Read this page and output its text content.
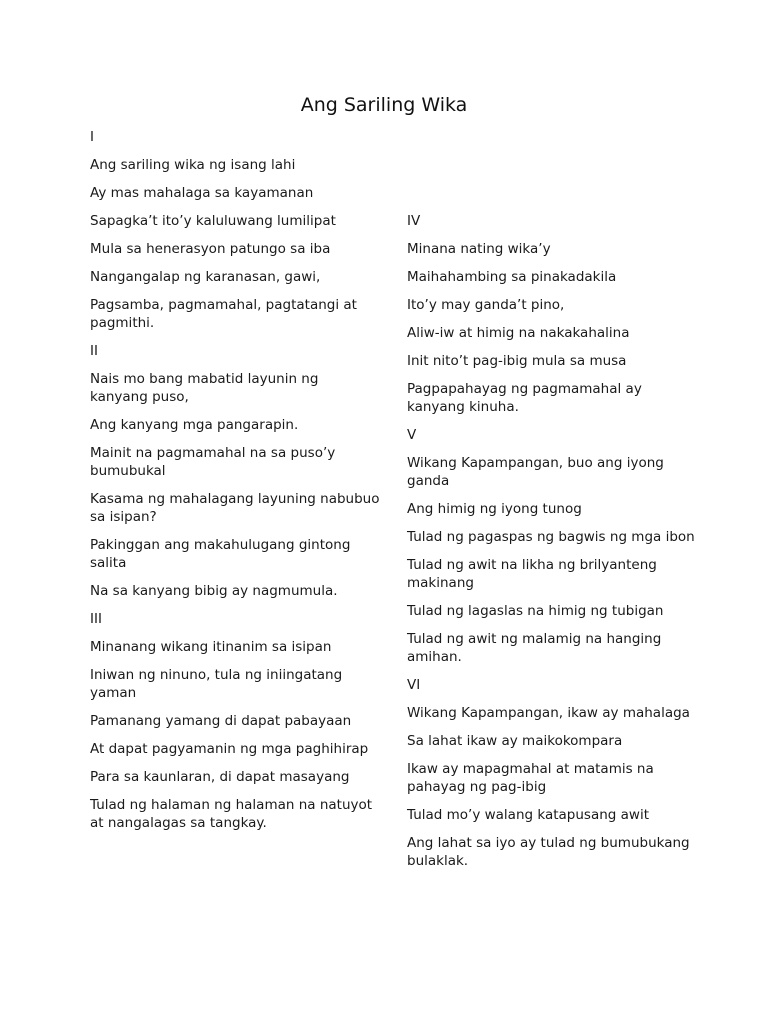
Ang Sariling Wika
I
Ang sariling wika ng isang lahi
Ay mas mahalaga sa kayamanan
Sapagka’t ito’y kaluluwang lumilipat
Mula sa henerasyon patungo sa iba
Nangangalap ng karanasan, gawi,
Pagsamba, pagmamahal, pagtatangi at pagmithi.
II
Nais mo bang mabatid layunin ng kanyang puso,
Ang kanyang mga pangarapin.
Mainit na pagmamahal na sa puso’y bumubukal
Kasama ng mahalagang layuning nabubuo sa isipan?
Pakinggan ang makahulugang gintong salita
Na sa kanyang bibig ay nagmumula.
III
Minanang wikang itinanim sa isipan
Iniwan ng ninuno, tula ng iniingatang yaman
Pamanang yamang di dapat pabayaan
At dapat pagyamanin ng mga paghihirap
Para sa kaunlaran, di dapat masayang
Tulad ng halaman ng halaman na natuyot at nangalagas sa tangkay.
IV
Minana nating wika’y
Maihahambing sa pinakadakila
Ito’y may ganda’t pino,
Aliw-iw at himig na nakakahalina
Init nito’t pag-ibig mula sa musa
Pagpapahayag ng pagmamahal ay kanyang kinuha.
V
Wikang Kapampangan, buo ang iyong ganda
Ang himig ng iyong tunog
Tulad ng pagaspas ng bagwis ng mga ibon
Tulad ng awit na likha ng brilyanteng makinang
Tulad ng lagaslas na himig ng tubigan
Tulad ng awit ng malamig na hanging amihan.
VI
Wikang Kapampangan, ikaw ay mahalaga
Sa lahat ikaw ay maikokompara
Ikaw ay mapagmahal at matamis na pahayag ng pag-ibig
Tulad mo’y walang katapusang awit
Ang lahat sa iyo ay tulad ng bumubukang bulaklak.
